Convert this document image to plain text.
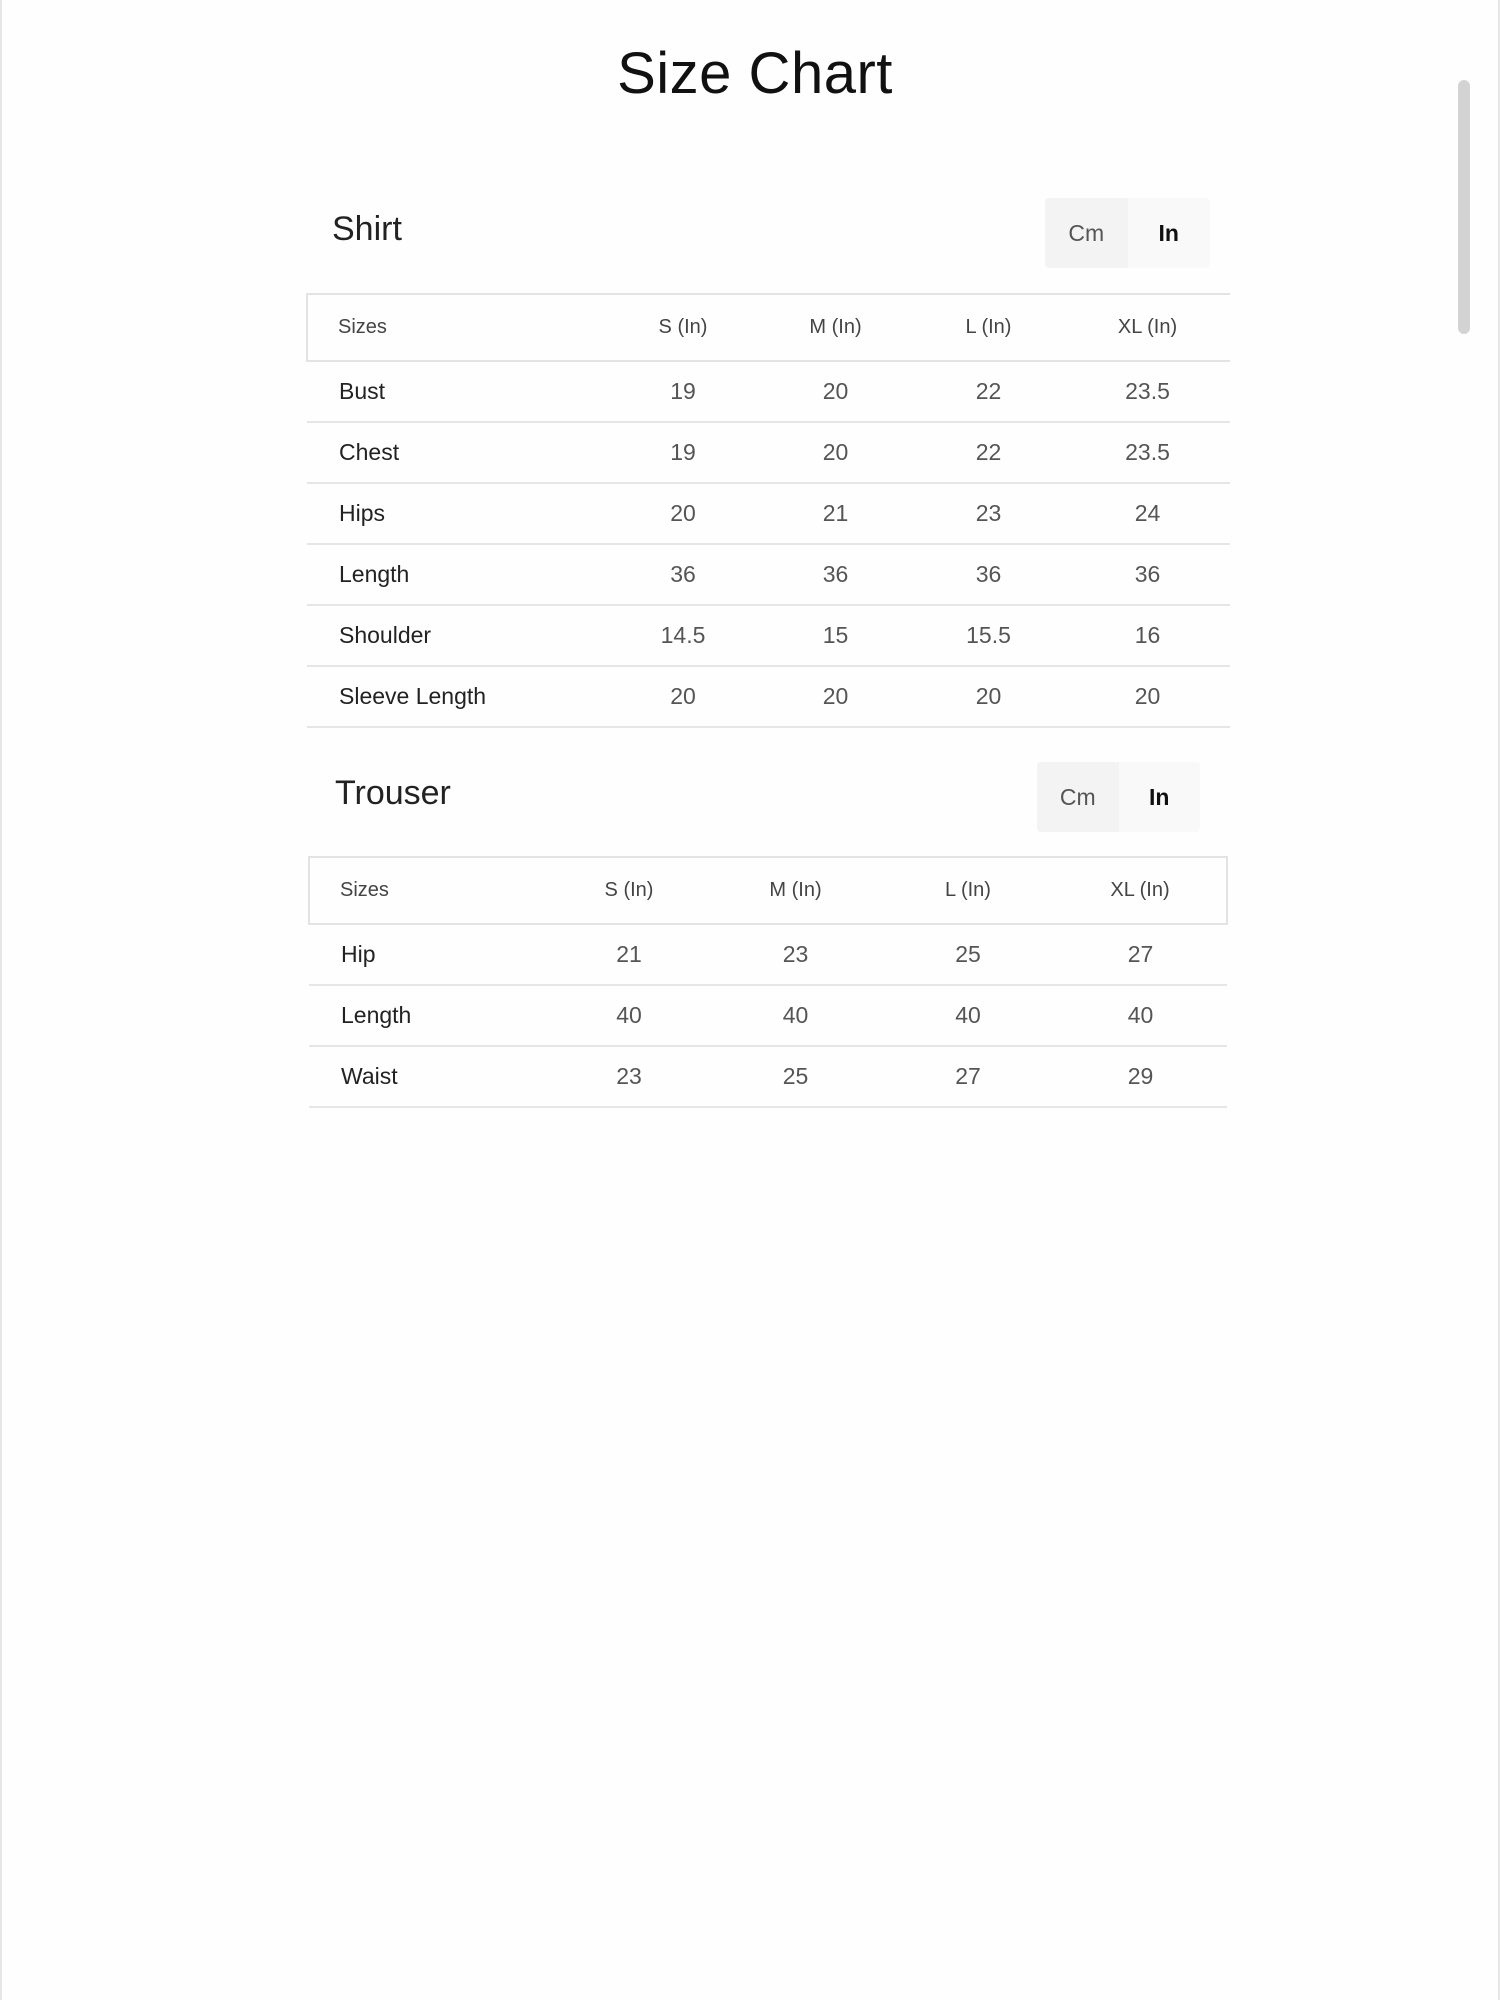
Size Chart
Shirt	Cm	In
Sizes	S (In)	M (In)	L (In)	XL (In)
Bust	19	20	22	23.5
Chest	19	20	22	23.5
Hips	20	21	23	24
Length	36	36	36	36
Shoulder	14.5	15	15.5	16
Sleeve Length	20	20	20	20
Trouser	Cm	In
Sizes	S (In)	M (In)	L (In)	XL (In)
Hip	21	23	25	27
Length	40	40	40	40
Waist	23	25	27	29
